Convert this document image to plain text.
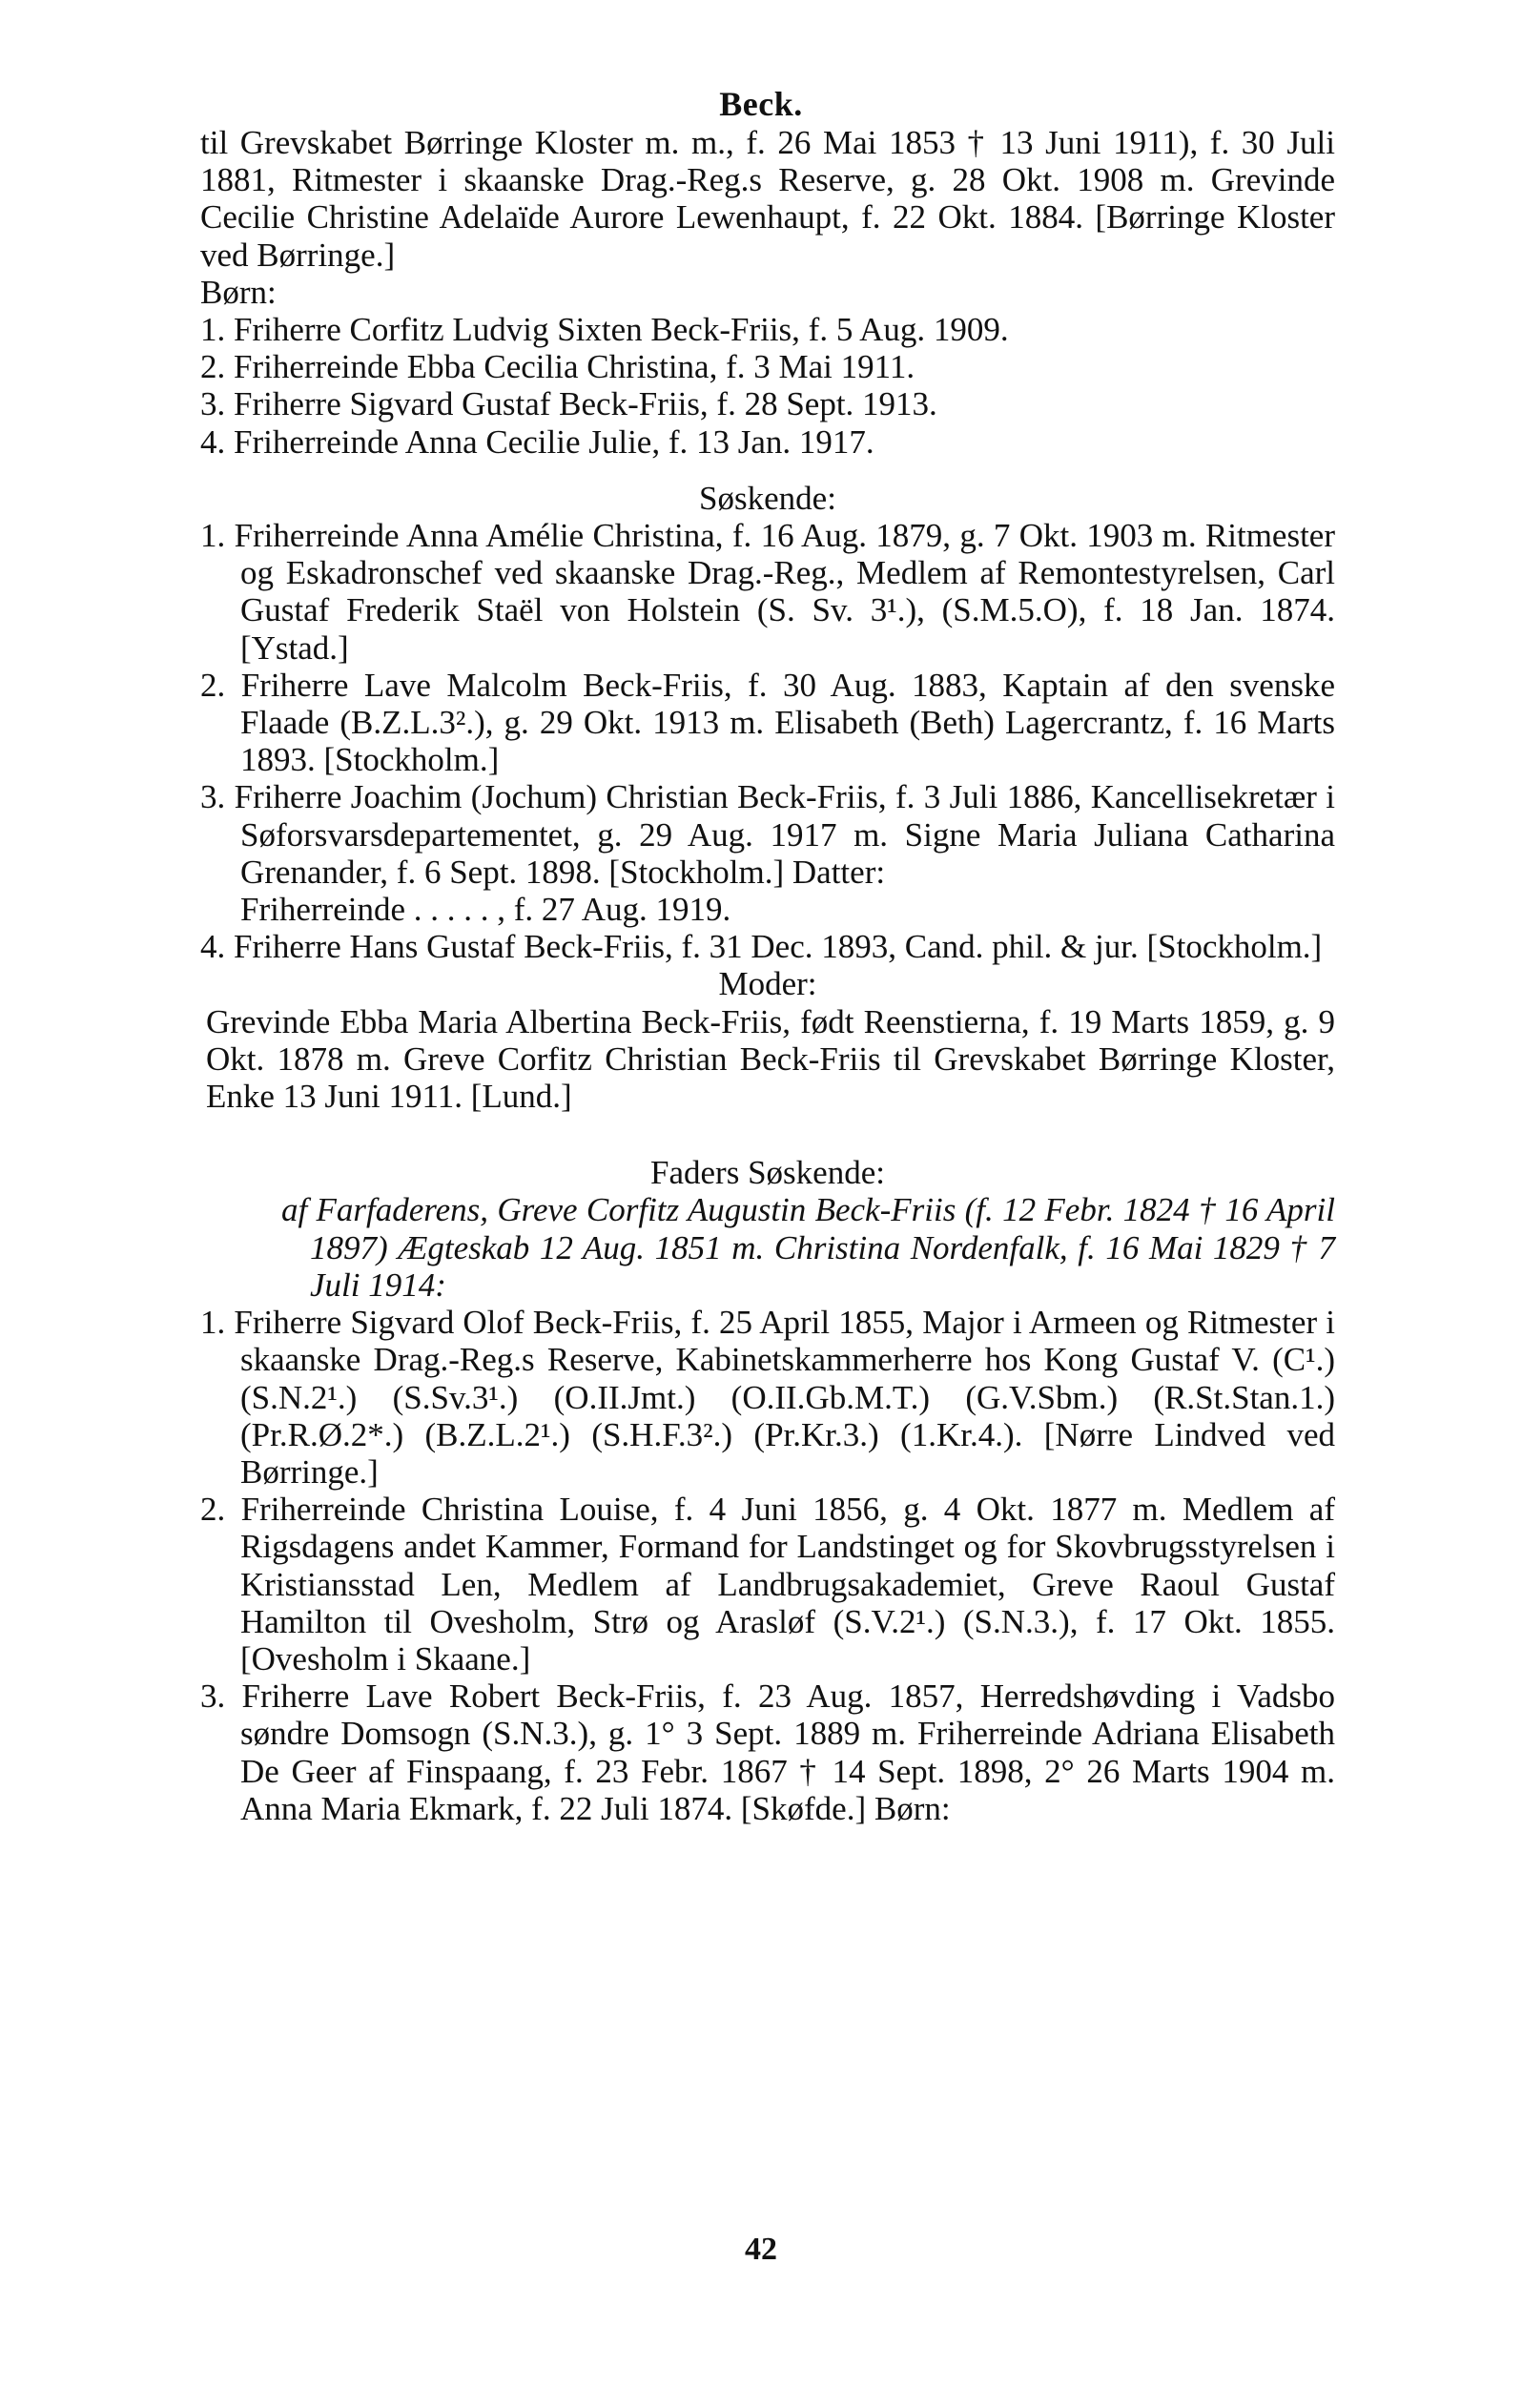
Beck.

til Grevskabet Børringe Kloster m. m., f. 26 Mai 1853 † 13 Juni 1911), f. 30 Juli 1881, Ritmester i skaanske Drag.-Reg.s Reserve, g. 28 Okt. 1908 m. Grevinde Cecilie Christine Adelaïde Aurore Lewenhaupt, f. 22 Okt. 1884. [Børringe Kloster ved Børringe.]

Børn:

1. Friherre Corfitz Ludvig Sixten Beck-Friis, f. 5 Aug. 1909.

2. Friherreinde Ebba Cecilia Christina, f. 3 Mai 1911.

3. Friherre Sigvard Gustaf Beck-Friis, f. 28 Sept. 1913.

4. Friherreinde Anna Cecilie Julie, f. 13 Jan. 1917.

Søskende:

1. Friherreinde Anna Amélie Christina, f. 16 Aug. 1879, g. 7 Okt. 1903 m. Ritmester og Eskadronschef ved skaanske Drag.-Reg., Medlem af Remontestyrelsen, Carl Gustaf Frederik Staël von Holstein (S. Sv. 3¹.), (S.M.5.O), f. 18 Jan. 1874. [Ystad.]

2. Friherre Lave Malcolm Beck-Friis, f. 30 Aug. 1883, Kaptain af den svenske Flaade (B.Z.L.3².), g. 29 Okt. 1913 m. Elisabeth (Beth) Lagercrantz, f. 16 Marts 1893. [Stockholm.]

3. Friherre Joachim (Jochum) Christian Beck-Friis, f. 3 Juli 1886, Kancellisekretær i Søforsvarsdepartementet, g. 29 Aug. 1917 m. Signe Maria Juliana Catharina Grenander, f. 6 Sept. 1898. [Stockholm.] Datter:

Friherreinde . . . . . , f. 27 Aug. 1919.

4. Friherre Hans Gustaf Beck-Friis, f. 31 Dec. 1893, Cand. phil. & jur. [Stockholm.]

Moder:

Grevinde Ebba Maria Albertina Beck-Friis, født Reenstierna, f. 19 Marts 1859, g. 9 Okt. 1878 m. Greve Corfitz Christian Beck-Friis til Grevskabet Børringe Kloster, Enke 13 Juni 1911. [Lund.]

Faders Søskende:

af Farfaderens, Greve Corfitz Augustin Beck-Friis (f. 12 Febr. 1824 † 16 April 1897) Ægteskab 12 Aug. 1851 m. Christina Nordenfalk, f. 16 Mai 1829 † 7 Juli 1914:

1. Friherre Sigvard Olof Beck-Friis, f. 25 April 1855, Major i Armeen og Ritmester i skaanske Drag.-Reg.s Reserve, Kabinetskammerherre hos Kong Gustaf V. (C¹.) (S.N.2¹.) (S.Sv.3¹.) (O.II.Jmt.) (O.II.Gb.M.T.) (G.V.Sbm.) (R.St.Stan.1.) (Pr.R.Ø.2*.) (B.Z.L.2¹.) (S.H.F.3².) (Pr.Kr.3.) (1.Kr.4.). [Nørre Lindved ved Børringe.]

2. Friherreinde Christina Louise, f. 4 Juni 1856, g. 4 Okt. 1877 m. Medlem af Rigsdagens andet Kammer, Formand for Landstinget og for Skovbrugsstyrelsen i Kristiansstad Len, Medlem af Landbrugsakademiet, Greve Raoul Gustaf Hamilton til Ovesholm, Strø og Arasløf (S.V.2¹.) (S.N.3.), f. 17 Okt. 1855. [Ovesholm i Skaane.]

3. Friherre Lave Robert Beck-Friis, f. 23 Aug. 1857, Herredshøvding i Vadsbo søndre Domsogn (S.N.3.), g. 1° 3 Sept. 1889 m. Friherreinde Adriana Elisabeth De Geer af Finspaang, f. 23 Febr. 1867 † 14 Sept. 1898, 2° 26 Marts 1904 m. Anna Maria Ekmark, f. 22 Juli 1874. [Skøfde.] Børn:

42
